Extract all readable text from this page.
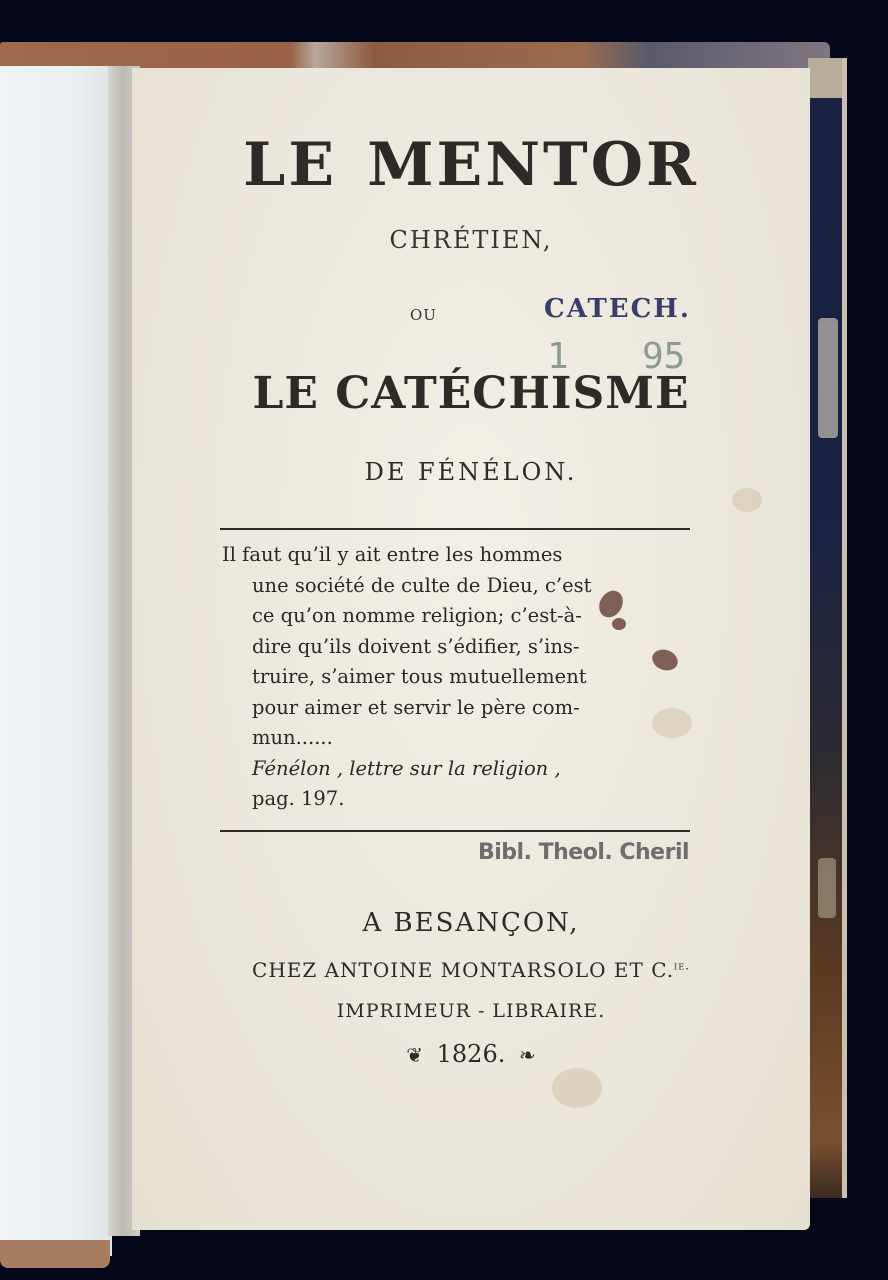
LE MENTOR
CHRÉTIEN,
OU	CATECH.
1 95
LE CATÉCHISME
DE FÉNÉLON.
Il faut qu’il y ait entre les hommes
une société de culte de Dieu, c’est
ce qu’on nomme religion; c’est-à-
dire qu’ils doivent s’édifier, s’ins-
truire, s’aimer tous mutuellement
pour aimer et servir le père com-
mun......
Fénélon , lettre sur la religion ,
pag. 197.
Bibl. Theol. Cheril
A BESANÇON,
CHEZ ANTOINE MONTARSOLO ET C.$^{ie.}$
IMPRIMEUR - LIBRAIRE.
❦ 1826. ❧
